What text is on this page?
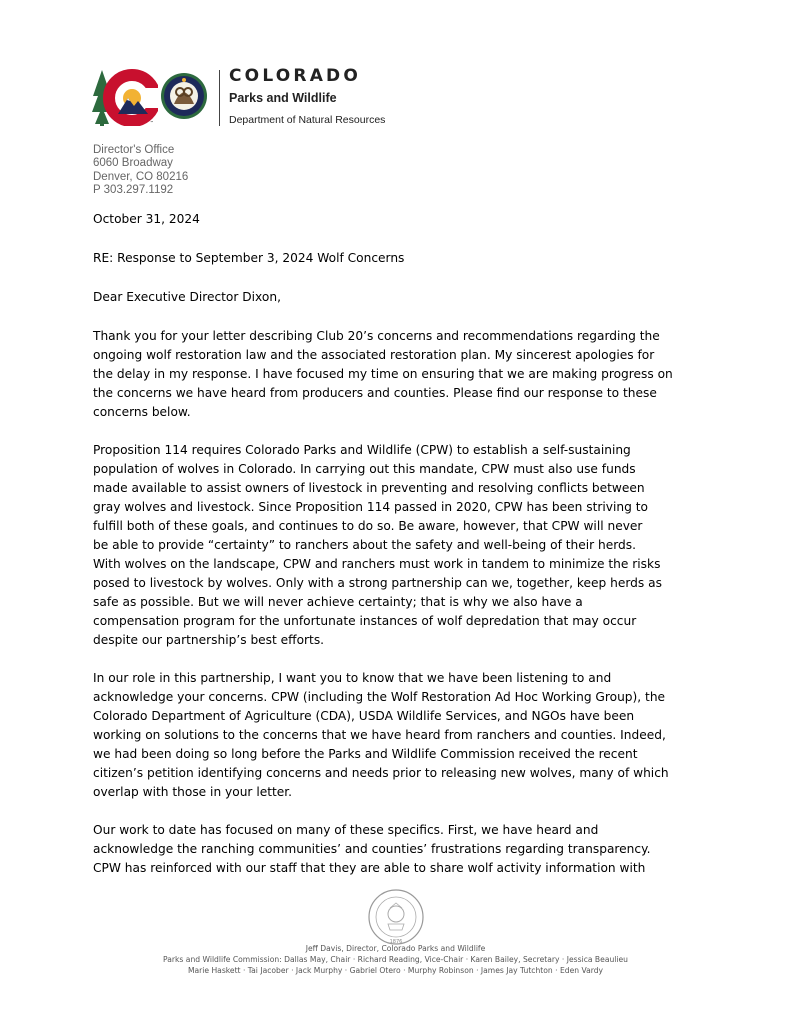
™
COLORADO
Parks and Wildlife
Department of Natural Resources
Director's Office
6060 Broadway
Denver, CO 80216
P 303.297.1192
October 31, 2024
RE: Response to September 3, 2024 Wolf Concerns
Dear Executive Director Dixon,
Thank you for your letter describing Club 20’s concerns and recommendations regarding the
ongoing wolf restoration law and the associated restoration plan. My sincerest apologies for
the delay in my response. I have focused my time on ensuring that we are making progress on
the concerns we have heard from producers and counties. Please find our response to these
concerns below.
Proposition 114 requires Colorado Parks and Wildlife (CPW) to establish a self-sustaining
population of wolves in Colorado. In carrying out this mandate, CPW must also use funds
made available to assist owners of livestock in preventing and resolving conflicts between
gray wolves and livestock. Since Proposition 114 passed in 2020, CPW has been striving to
fulfill both of these goals, and continues to do so. Be aware, however, that CPW will never
be able to provide “certainty” to ranchers about the safety and well-being of their herds.
With wolves on the landscape, CPW and ranchers must work in tandem to minimize the risks
posed to livestock by wolves. Only with a strong partnership can we, together, keep herds as
safe as possible. But we will never achieve certainty; that is why we also have a
compensation program for the unfortunate instances of wolf depredation that may occur
despite our partnership’s best efforts.
In our role in this partnership, I want you to know that we have been listening to and
acknowledge your concerns. CPW (including the Wolf Restoration Ad Hoc Working Group), the
Colorado Department of Agriculture (CDA), USDA Wildlife Services, and NGOs have been
working on solutions to the concerns that we have heard from ranchers and counties. Indeed,
we had been doing so long before the Parks and Wildlife Commission received the recent
citizen’s petition identifying concerns and needs prior to releasing new wolves, many of which
overlap with those in your letter.
Our work to date has focused on many of these specifics. First, we have heard and
acknowledge the ranching communities’ and counties’ frustrations regarding transparency.
CPW has reinforced with our staff that they are able to share wolf activity information with
1876
Jeff Davis, Director, Colorado Parks and Wildlife
Parks and Wildlife Commission: Dallas May, Chair · Richard Reading, Vice-Chair · Karen Bailey, Secretary · Jessica Beaulieu
Marie Haskett · Tai Jacober · Jack Murphy · Gabriel Otero · Murphy Robinson · James Jay Tutchton · Eden Vardy
